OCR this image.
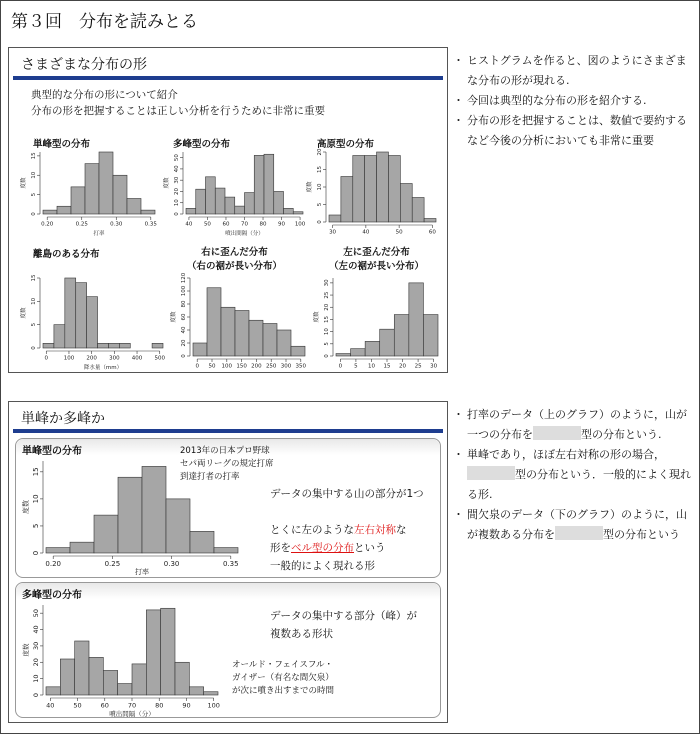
第３回　分布を読みとる
さまざまな分布の形
典型的な分布の形について紹介
分布の形を把握することは正しい分析を行うために非常に重要
単峰型の分布	多峰型の分布	高原型の分布
離島のある分布	右に歪んだ分布
（右の裾が長い分布）
左に歪んだ分布
（左の裾が長い分布）
0
5
10
15
度数
0.20	0.25	0.30	0.35
打率
0
10
20
30
40
50
度数
40 50 60 70 80 90 100
噴出間隔（分）
0
5
10
15
20
度数
30	40	50	60
0
5
10
15
度数
0	100 200 300 400 500
降水量（mm）
0
20
40
60
80
100
120
度数
0 50 100 150 200 250 300 350
0
5
10
15
20
25
30
度数
0 5 10 15 20 25 30
・ ヒストグラムを作ると、図のようにさまざまな分布の形が現れる.
・ 今回は典型的な分布の形を紹介する.
・ 分布の形を把握することは、数値で要約するなど今後の分析においても非常に重要
単峰か多峰か
単峰型の分布
0
5
10
15
度数
0.20	0.25	0.30	0.35
打率
2013年の日本プロ野球
セパ両リーグの規定打席
到達打者の打率
データの集中する山の部分が1つ
とくに左のような左右対称な
形をベル型の分布という
一般的によく現れる形
多峰型の分布
0
10
20
30
40
50
度数
40	50	60	70	80	90	100
噴出間隔（分）
データの集中する部分（峰）が
複数ある形状
オールド・フェイスフル・
ガイザー（有名な間欠泉）
が次に噴き出すまでの時間
・ 打率のデータ（上のグラフ）のように，山が一つの分布を	型の分布という.
・ 単峰であり，ほぼ左右対称の形の場合，型の分布という．一般的によく現れる形.
・ 間欠泉のデータ（下のグラフ）のように，山が複数ある分布を	型の分布という
